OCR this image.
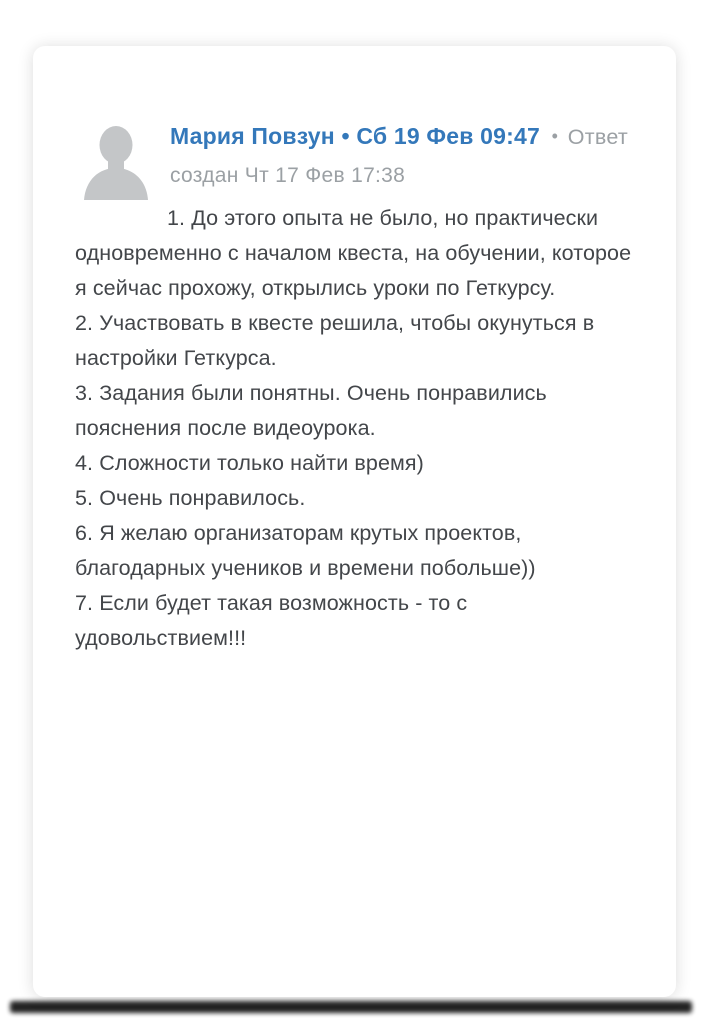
Мария Повзун • Сб 19 Фев 09:47 • Ответ
создан Чт 17 Фев 17:38

1. До этого опыта не было, но практически одновременно с началом квеста, на обучении, которое я сейчас прохожу, открылись уроки по Геткурсу.

2. Участвовать в квесте решила, чтобы окунуться в настройки Геткурса.

3. Задания были понятны. Очень понравились пояснения после видеоурока.

4. Сложности только найти время)

5. Очень понравилось.

6. Я желаю организаторам крутых проектов, благодарных учеников и времени побольше))

7. Если будет такая возможность - то с удовольствием!!!
